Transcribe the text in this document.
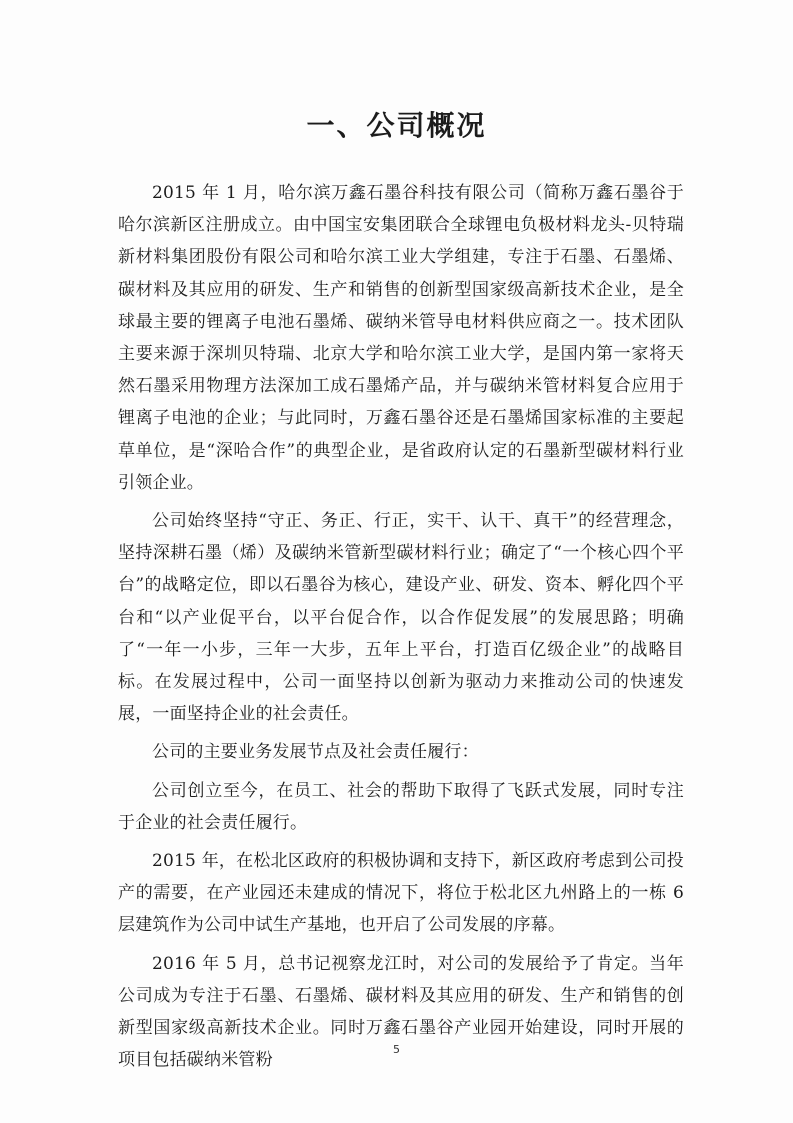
一、公司概况

2015 年 1 月，哈尔滨万鑫石墨谷科技有限公司（简称万鑫石墨谷于哈尔滨新区注册成立。由中国宝安集团联合全球锂电负极材料龙头-贝特瑞新材料集团股份有限公司和哈尔滨工业大学组建，专注于石墨、石墨烯、碳材料及其应用的研发、生产和销售的创新型国家级高新技术企业，是全球最主要的锂离子电池石墨烯、碳纳米管导电材料供应商之一。技术团队主要来源于深圳贝特瑞、北京大学和哈尔滨工业大学，是国内第一家将天然石墨采用物理方法深加工成石墨烯产品，并与碳纳米管材料复合应用于锂离子电池的企业；与此同时，万鑫石墨谷还是石墨烯国家标准的主要起草单位，是“深哈合作”的典型企业，是省政府认定的石墨新型碳材料行业引领企业。

公司始终坚持“守正、务正、行正，实干、认干、真干”的经营理念，坚持深耕石墨（烯）及碳纳米管新型碳材料行业；确定了“一个核心四个平台”的战略定位，即以石墨谷为核心，建设产业、研发、资本、孵化四个平台和“以产业促平台，以平台促合作，以合作促发展”的发展思路；明确了“一年一小步，三年一大步，五年上平台，打造百亿级企业”的战略目标。在发展过程中，公司一面坚持以创新为驱动力来推动公司的快速发展，一面坚持企业的社会责任。

公司的主要业务发展节点及社会责任履行：

公司创立至今，在员工、社会的帮助下取得了飞跃式发展，同时专注于企业的社会责任履行。

2015 年，在松北区政府的积极协调和支持下，新区政府考虑到公司投产的需要，在产业园还未建成的情况下，将位于松北区九州路上的一栋 6 层建筑作为公司中试生产基地，也开启了公司发展的序幕。

2016 年 5 月，总书记视察龙江时，对公司的发展给予了肯定。当年公司成为专注于石墨、石墨烯、碳材料及其应用的研发、生产和销售的创新型国家级高新技术企业。同时万鑫石墨谷产业园开始建设，同时开展的项目包括碳纳米管粉

5
